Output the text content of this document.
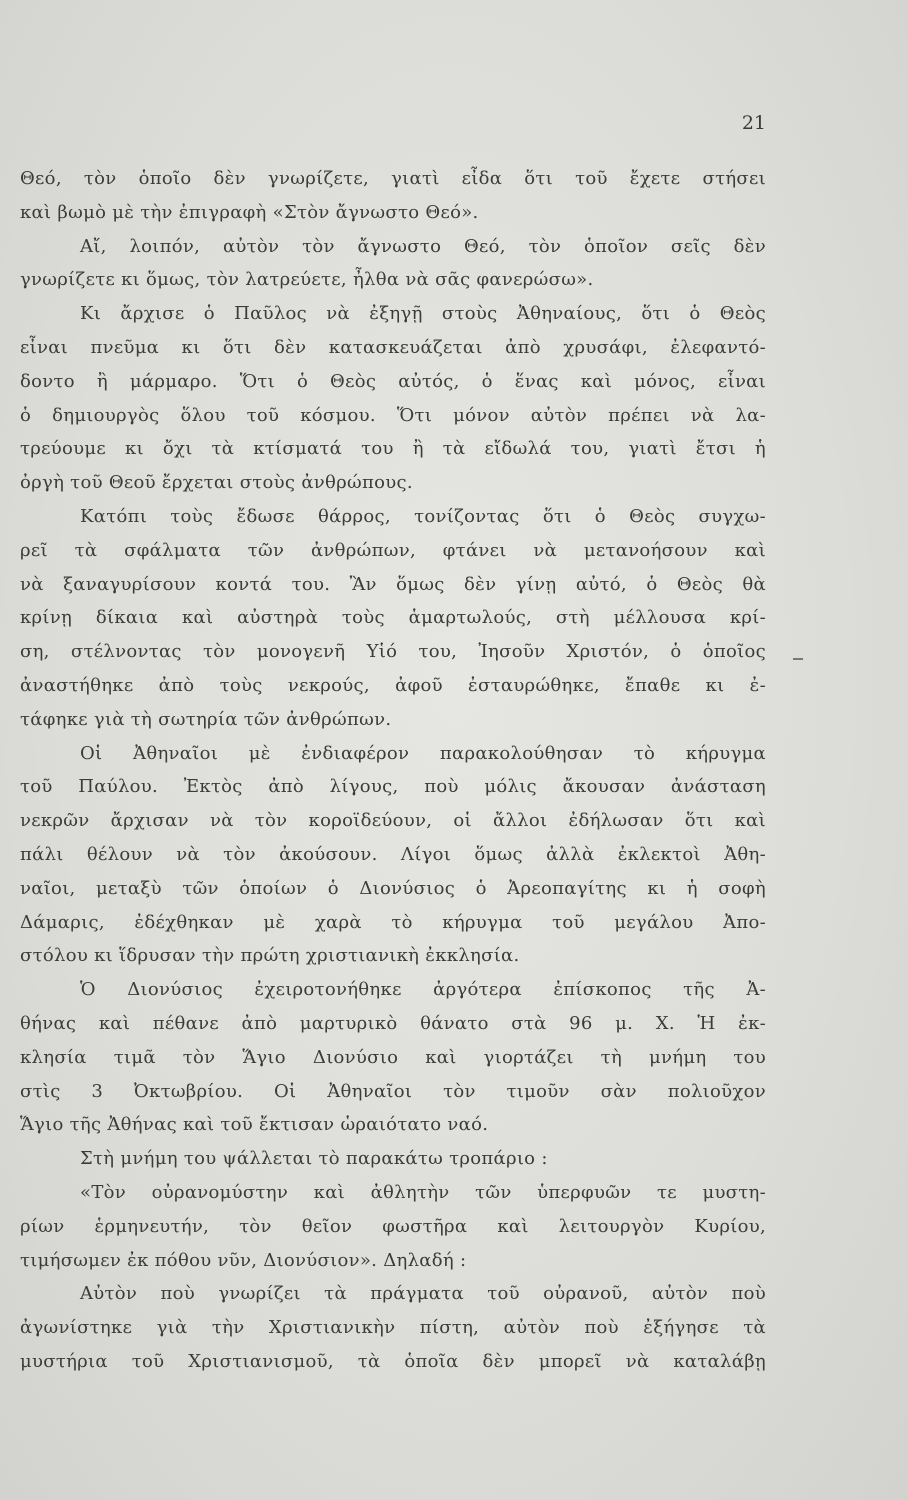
21
Θεό, τὸν ὁποῖο δὲν γνωρίζετε, γιατὶ εἶδα ὅτι τοῦ ἔχετε στήσει
καὶ βωμὸ μὲ τὴν ἐπιγραφὴ «Στὸν ἄγνωστο Θεό».
Αἴ, λοιπόν, αὐτὸν τὸν ἄγνωστο Θεό, τὸν ὁποῖον σεῖς δὲν
γνωρίζετε κι ὅμως, τὸν λατρεύετε, ἦλθα νὰ σᾶς φανερώσω».
Κι ἄρχισε ὁ Παῦλος νὰ ἐξηγῇ στοὺς Ἀθηναίους, ὅτι ὁ Θεὸς
εἶναι πνεῦμα κι ὅτι δὲν κατασκευάζεται ἀπὸ χρυσάφι, ἐλεφαντό-
δοντο ἢ μάρμαρο. Ὅτι ὁ Θεὸς αὐτός, ὁ ἕνας καὶ μόνος, εἶναι
ὁ δημιουργὸς ὅλου τοῦ κόσμου. Ὅτι μόνον αὐτὸν πρέπει νὰ λα-
τρεύουμε κι ὄχι τὰ κτίσματά του ἢ τὰ εἴδωλά του, γιατὶ ἔτσι ἡ
ὀργὴ τοῦ Θεοῦ ἔρχεται στοὺς ἀνθρώπους.
Κατόπι τοὺς ἔδωσε θάρρος, τονίζοντας ὅτι ὁ Θεὸς συγχω-
ρεῖ τὰ σφάλματα τῶν ἀνθρώπων, φτάνει νὰ μετανοήσουν καὶ
νὰ ξαναγυρίσουν κοντά του. Ἂν ὅμως δὲν γίνῃ αὐτό, ὁ Θεὸς θὰ
κρίνῃ δίκαια καὶ αὐστηρὰ τοὺς ἁμαρτωλούς, στὴ μέλλουσα κρί-
ση, στέλνοντας τὸν μονογενῆ Υἱό του, Ἰησοῦν Χριστόν, ὁ ὁποῖος
ἀναστήθηκε ἀπὸ τοὺς νεκρούς, ἀφοῦ ἐσταυρώθηκε, ἔπαθε κι ἐ-
τάφηκε γιὰ τὴ σωτηρία τῶν ἀνθρώπων.
Οἱ Ἀθηναῖοι μὲ ἐνδιαφέρον παρακολούθησαν τὸ κήρυγμα
τοῦ Παύλου. Ἐκτὸς ἀπὸ λίγους, ποὺ μόλις ἄκουσαν ἀνάσταση
νεκρῶν ἄρχισαν νὰ τὸν κοροϊδεύουν, οἱ ἄλλοι ἐδήλωσαν ὅτι καὶ
πάλι θέλουν νὰ τὸν ἀκούσουν. Λίγοι ὅμως ἀλλὰ ἐκλεκτοὶ Ἀθη-
ναῖοι, μεταξὺ τῶν ὁποίων ὁ Διονύσιος ὁ Ἀρεοπαγίτης κι ἡ σοφὴ
Δάμαρις, ἐδέχθηκαν μὲ χαρὰ τὸ κήρυγμα τοῦ μεγάλου Ἀπο-
στόλου κι ἵδρυσαν τὴν πρώτη χριστιανικὴ ἐκκλησία.
Ὁ Διονύσιος ἐχειροτονήθηκε ἀργότερα ἐπίσκοπος τῆς Ἀ-
θήνας καὶ πέθανε ἀπὸ μαρτυρικὸ θάνατο στὰ 96 μ. Χ. Ἡ ἐκ-
κλησία τιμᾶ τὸν Ἅγιο Διονύσιο καὶ γιορτάζει τὴ μνήμη του
στὶς 3 Ὀκτωβρίου. Οἱ Ἀθηναῖοι τὸν τιμοῦν σὰν πολιοῦχον
Ἅγιο τῆς Ἀθήνας καὶ τοῦ ἔκτισαν ὡραιότατο ναό.
Στὴ μνήμη του ψάλλεται τὸ παρακάτω τροπάριο :
«Τὸν οὐρανομύστην καὶ ἀθλητὴν τῶν ὑπερφυῶν τε μυστη-
ρίων ἑρμηνευτήν, τὸν θεῖον φωστῆρα καὶ λειτουργὸν Κυρίου,
τιμήσωμεν ἐκ πόθου νῦν, Διονύσιον». Δηλαδή :
Αὐτὸν ποὺ γνωρίζει τὰ πράγματα τοῦ οὐρανοῦ, αὐτὸν ποὺ
ἀγωνίστηκε γιὰ τὴν Χριστιανικὴν πίστη, αὐτὸν ποὺ ἐξήγησε τὰ
μυστήρια τοῦ Χριστιανισμοῦ, τὰ ὁποῖα δὲν μπορεῖ νὰ καταλάβῃ
